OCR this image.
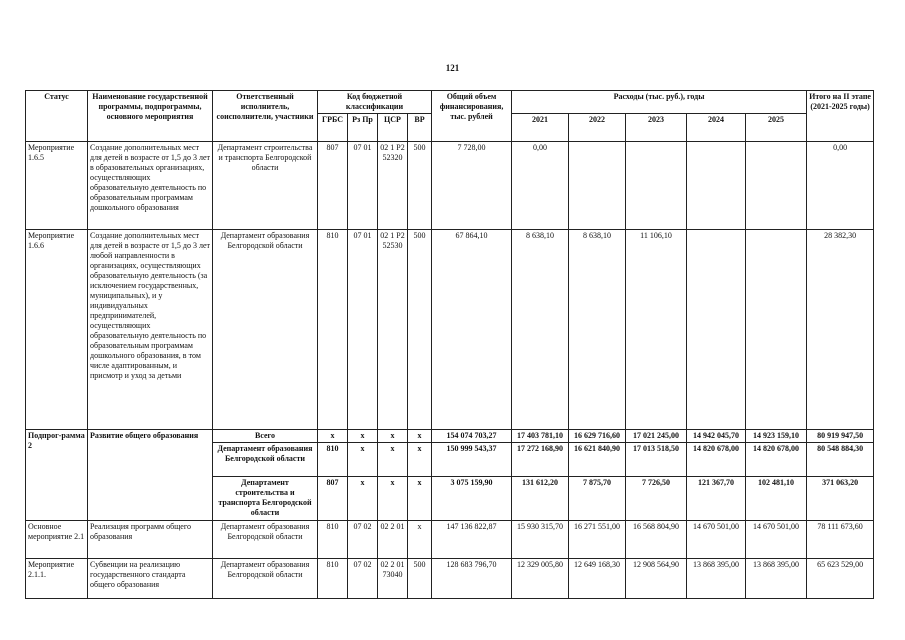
121
Статус	Наименование государственной программы, подпрограммы, основного мероприятия	Ответственный исполнитель, соисполнители, участники	Код бюджетной классификации				Общий объем финансирования, тыс. рублей	Расходы (тыс. руб.), годы					Итого на II этапе (2021-2025 годы)
			ГРБС	Рз Пр	ЦСР	ВР		2021	2022	2023	2024	2025	
Мероприятие 1.6.5	Создание дополнительных мест для детей в возрасте от 1,5 до 3 лет в образовательных организациях, осуществляющих образовательную деятельность по образовательным программам дошкольного образования	Департамент строительства и транспорта Белгородской области	807	07 01	02 1 P2 52320	500	7 728,00	0,00					0,00
Мероприятие 1.6.6	Создание дополнительных мест для детей в возрасте от 1,5 до 3 лет любой направленности в организациях, осуществляющих образовательную деятельность (за исключением государственных, муниципальных), и у индивидуальных предпринимателей, осуществляющих образовательную деятельность по образовательным программам дошкольного образования, в том числе адаптированным, и присмотр и уход за детьми	Департамент образования Белгородской области	810	07 01	02 1 P2 52530	500	67 864,10	8 638,10	8 638,10	11 106,10			28 382,30
Подпрог-рамма 2	Развитие общего образования	Всего	x	x	x	x	154 074 703,27	17 403 781,10	16 629 716,60	17 021 245,00	14 942 045,70	14 923 159,10	80 919 947,50
		Департамент образования Белгородской области	810	x	x	x	150 999 543,37	17 272 168,90	16 621 840,90	17 013 518,50	14 820 678,00	14 820 678,00	80 548 884,30
		Департамент строительства и транспорта Белгородской области	807	x	x	x	3 075 159,90	131 612,20	7 875,70	7 726,50	121 367,70	102 481,10	371 063,20
Основное мероприятие 2.1	Реализация программ общего образования	Департамент образования Белгородской области	810	07 02	02 2 01	x	147 136 822,87	15 930 315,70	16 271 551,00	16 568 804,90	14 670 501,00	14 670 501,00	78 111 673,60
Мероприятие 2.1.1.	Субвенции на реализацию государственного стандарта общего образования	Департамент образования Белгородской области	810	07 02	02 2 01 73040	500	128 683 796,70	12 329 005,80	12 649 168,30	12 908 564,90	13 868 395,00	13 868 395,00	65 623 529,00
